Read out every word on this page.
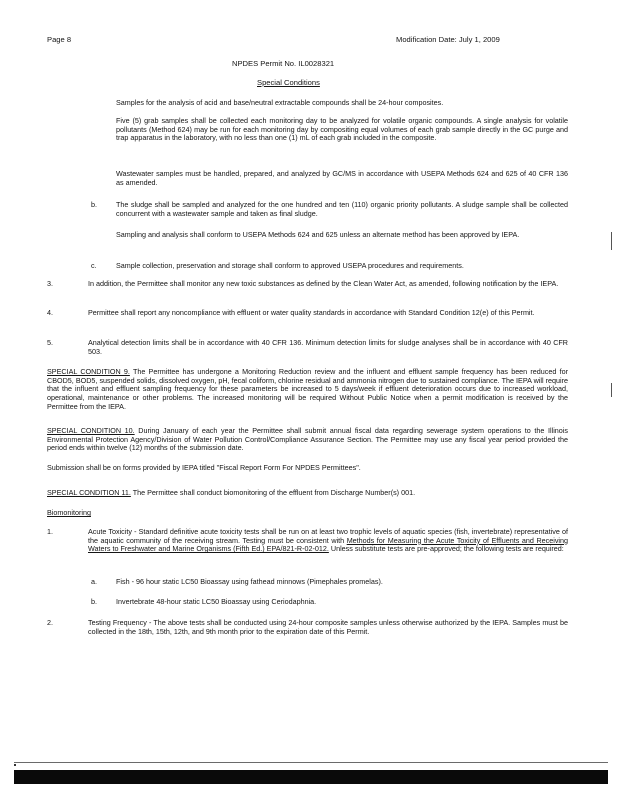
Page 8	Modification Date: July 1, 2009
NPDES Permit No. IL0028321
Special Conditions

Samples for the analysis of acid and base/neutral extractable compounds shall be 24-hour composites.

Five (5) grab samples shall be collected each monitoring day to be analyzed for volatile organic compounds. A single analysis for volatile pollutants (Method 624) may be run for each monitoring day by compositing equal volumes of each grab sample directly in the GC purge and trap apparatus in the laboratory, with no less than one (1) mL of each grab included in the composite.

Wastewater samples must be handled, prepared, and analyzed by GC/MS in accordance with USEPA Methods 624 and 625 of 40 CFR 136 as amended.

b.	The sludge shall be sampled and analyzed for the one hundred and ten (110) organic priority pollutants. A sludge sample shall be collected concurrent with a wastewater sample and taken as final sludge.

Sampling and analysis shall conform to USEPA Methods 624 and 625 unless an alternate method has been approved by IEPA.

c.	Sample collection, preservation and storage shall conform to approved USEPA procedures and requirements.

3.	In addition, the Permittee shall monitor any new toxic substances as defined by the Clean Water Act, as amended, following notification by the IEPA.

4.	Permittee shall report any noncompliance with effluent or water quality standards in accordance with Standard Condition 12(e) of this Permit.

5.	Analytical detection limits shall be in accordance with 40 CFR 136. Minimum detection limits for sludge analyses shall be in accordance with 40 CFR 503.

SPECIAL CONDITION 9. The Permittee has undergone a Monitoring Reduction review and the influent and effluent sample frequency has been reduced for CBOD5, BOD5, suspended solids, dissolved oxygen, pH, fecal coliform, chlorine residual and ammonia nitrogen due to sustained compliance. The IEPA will require that the influent and effluent sampling frequency for these parameters be increased to 5 days/week if effluent deterioration occurs due to increased workload, operational, maintenance or other problems. The increased monitoring will be required Without Public Notice when a permit modification is received by the Permittee from the IEPA.

SPECIAL CONDITION 10. During January of each year the Permittee shall submit annual fiscal data regarding sewerage system operations to the Illinois Environmental Protection Agency/Division of Water Pollution Control/Compliance Assurance Section. The Permittee may use any fiscal year period provided the period ends within twelve (12) months of the submission date.

Submission shall be on forms provided by IEPA titled "Fiscal Report Form For NPDES Permittees".

SPECIAL CONDITION 11. The Permittee shall conduct biomonitoring of the effluent from Discharge Number(s) 001.

Biomonitoring

1.	Acute Toxicity - Standard definitive acute toxicity tests shall be run on at least two trophic levels of aquatic species (fish, invertebrate) representative of the aquatic community of the receiving stream. Testing must be consistent with Methods for Measuring the Acute Toxicity of Effluents and Receiving Waters to Freshwater and Marine Organisms (Fifth Ed.) EPA/821-R-02-012. Unless substitute tests are pre-approved; the following tests are required:

a.	Fish - 96 hour static LC50 Bioassay using fathead minnows (Pimephales promelas).

b.	Invertebrate 48-hour static LC50 Bioassay using Ceriodaphnia.

2.	Testing Frequency - The above tests shall be conducted using 24-hour composite samples unless otherwise authorized by the IEPA. Samples must be collected in the 18th, 15th, 12th, and 9th month prior to the expiration date of this Permit.
